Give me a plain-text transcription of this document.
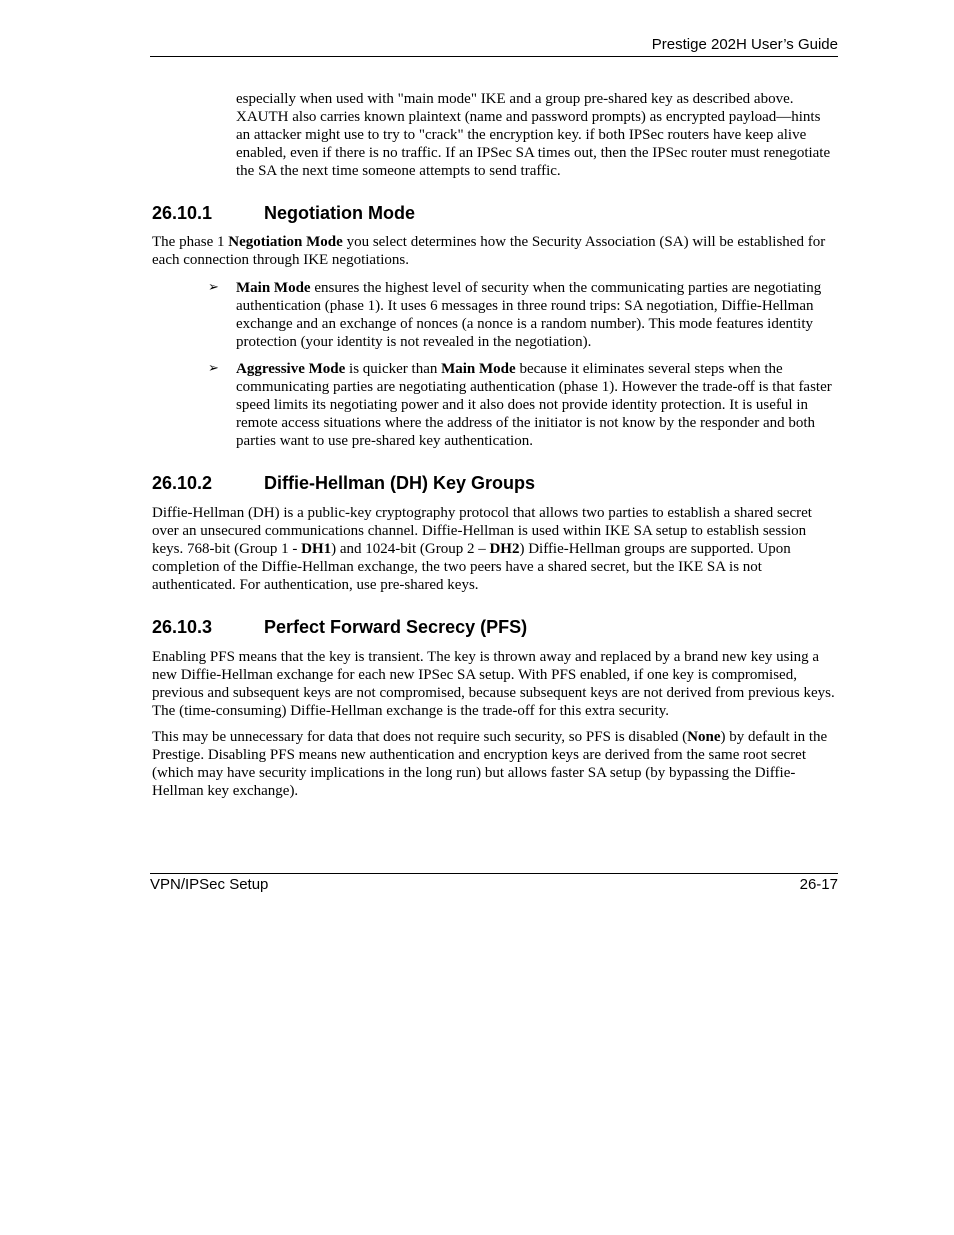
Prestige 202H User’s Guide

especially when used with "main mode" IKE and a group pre-shared key as described above. XAUTH also carries known plaintext (name and password prompts) as encrypted payload—hints an attacker might use to try to "crack" the encryption key. if both IPSec routers have keep alive enabled, even if there is no traffic. If an IPSec SA times out, then the IPSec router must renegotiate the SA the next time someone attempts to send traffic.

26.10.1	Negotiation Mode

The phase 1 Negotiation Mode you select determines how the Security Association (SA) will be established for each connection through IKE negotiations.

➢	Main Mode ensures the highest level of security when the communicating parties are negotiating authentication (phase 1). It uses 6 messages in three round trips: SA negotiation, Diffie-Hellman exchange and an exchange of nonces (a nonce is a random number). This mode features identity protection (your identity is not revealed in the negotiation).
➢	Aggressive Mode is quicker than Main Mode because it eliminates several steps when the communicating parties are negotiating authentication (phase 1). However the trade-off is that faster speed limits its negotiating power and it also does not provide identity protection. It is useful in remote access situations where the address of the initiator is not know by the responder and both parties want to use pre-shared key authentication.
26.10.2	Diffie-Hellman (DH) Key Groups

Diffie-Hellman (DH) is a public-key cryptography protocol that allows two parties to establish a shared secret over an unsecured communications channel. Diffie-Hellman is used within IKE SA setup to establish session keys. 768-bit (Group 1 - DH1) and 1024-bit (Group 2 – DH2) Diffie-Hellman groups are supported. Upon completion of the Diffie-Hellman exchange, the two peers have a shared secret, but the IKE SA is not authenticated. For authentication, use pre-shared keys.

26.10.3	Perfect Forward Secrecy (PFS)

Enabling PFS means that the key is transient. The key is thrown away and replaced by a brand new key using a new Diffie-Hellman exchange for each new IPSec SA setup. With PFS enabled, if one key is compromised, previous and subsequent keys are not compromised, because subsequent keys are not derived from previous keys. The (time-consuming) Diffie-Hellman exchange is the trade-off for this extra security.

This may be unnecessary for data that does not require such security, so PFS is disabled (None) by default in the Prestige. Disabling PFS means new authentication and encryption keys are derived from the same root secret (which may have security implications in the long run) but allows faster SA setup (by bypassing the Diffie-Hellman key exchange).

VPN/IPSec Setup	26-17
